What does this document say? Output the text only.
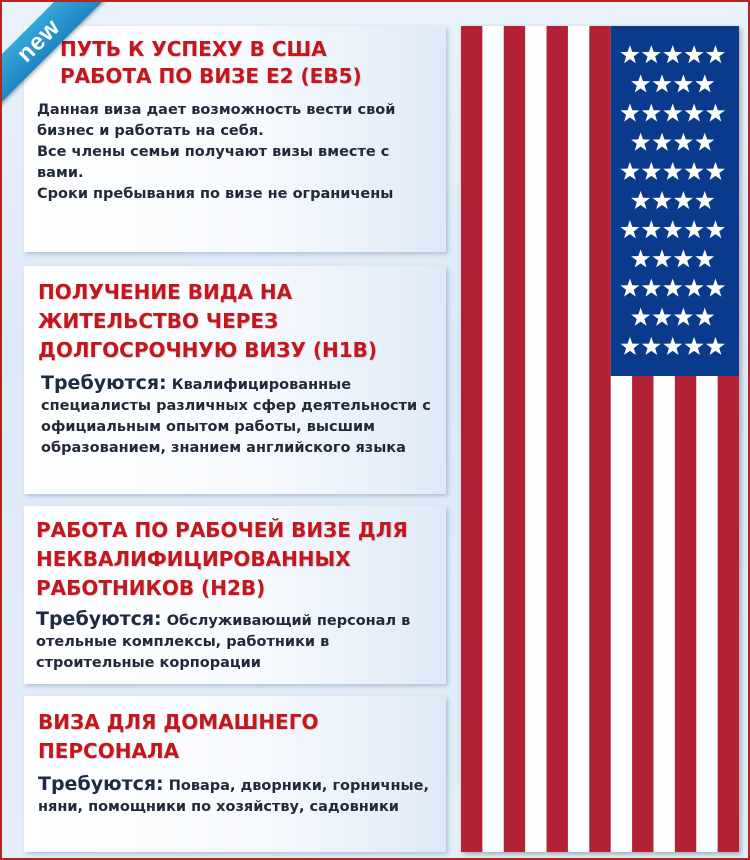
new
ПУТЬ К УСПЕХУ В США
РАБОТА ПО ВИЗЕ Е2 (ЕВ5)

Данная виза дает возможность вести свой бизнес и работать на себя.
Все члены семьи получают визы вместе с вами.
Сроки пребывания по визе не ограничены

ПОЛУЧЕНИЕ ВИДА НА ЖИТЕЛЬСТВО ЧЕРЕЗ ДОЛГОСРОЧНУЮ ВИЗУ (Н1В)

Требуются: Квалифицированные специалисты различных сфер деятельности с официальным опытом работы, высшим образованием, знанием английского языка

РАБОТА ПО РАБОЧЕЙ ВИЗЕ ДЛЯ НЕКВАЛИФИЦИРОВАННЫХ РАБОТНИКОВ (Н2В)

Требуются: Обслуживающий персонал в отельные комплексы, работники в строительные корпорации

ВИЗА ДЛЯ ДОМАШНЕГО ПЕРСОНАЛА

Требуются: Повара, дворники, горничные, няни, помощники по хозяйству, садовники
